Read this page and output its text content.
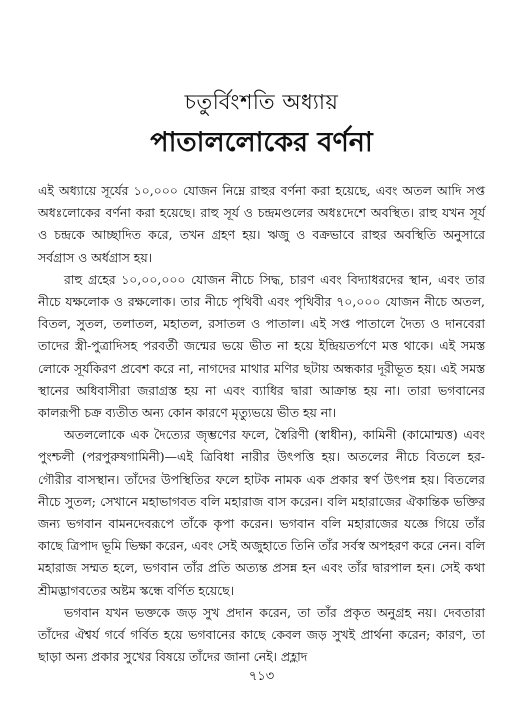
চতুর্বিংশতি অধ্যায়
পাতাললোকের বর্ণনা

এই অধ্যায়ে সূর্যের ১০,০০০ যোজন নিম্নে রাহুর বর্ণনা করা হয়েছে, এবং অতল আদি সপ্ত অধঃলোকের বর্ণনা করা হয়েছে। রাহু সূর্য ও চন্দ্রমণ্ডলের অধঃদেশে অবস্থিত। রাহু যখন সূর্য ও চন্দ্রকে আচ্ছাদিত করে, তখন গ্রহণ হয়। ঋজু ও বক্রভাবে রাহুর অবস্থিতি অনুসারে সর্বগ্রাস ও অর্ধগ্রাস হয়।

রাহু গ্রহের ১০,০০,০০০ যোজন নীচে সিদ্ধ, চারণ এবং বিদ্যাধরদের স্থান, এবং তার নীচে যক্ষলোক ও রক্ষলোক। তার নীচে পৃথিবী এবং পৃথিবীর ৭০,০০০ যোজন নীচে অতল, বিতল, সুতল, তলাতল, মহাতল, রসাতল ও পাতাল। এই সপ্ত পাতালে দৈত্য ও দানবেরা তাদের স্ত্রী-পুত্রাদিসহ পরবর্তী জন্মের ভয়ে ভীত না হয়ে ইন্দ্রিয়তর্পণে মত্ত থাকে। এই সমস্ত লোকে সূর্যকিরণ প্রবেশ করে না, নাগদের মাথার মণির ছটায় অন্ধকার দূরীভূত হয়। এই সমস্ত স্থানের অধিবাসীরা জরাগ্রস্ত হয় না এবং ব্যাধির দ্বারা আক্রান্ত হয় না। তারা ভগবানের কালরূপী চক্র ব্যতীত অন্য কোন কারণে মৃত্যুভয়ে ভীত হয় না।

অতললোকে এক দৈত্যের জৃম্ভণের ফলে, স্বৈরিণী (স্বাধীন), কামিনী (কামোন্মত্ত) এবং পুংশ্চলী (পরপুরুষগামিনী)—এই ত্রিবিধা নারীর উৎপত্তি হয়। অতলের নীচে বিতলে হর-গৌরীর বাসস্থান। তাঁদের উপস্থিতির ফলে হাটক নামক এক প্রকার স্বর্ণ উৎপন্ন হয়। বিতলের নীচে সুতল; সেখানে মহাভাগবত বলি মহারাজ বাস করেন। বলি মহারাজের ঐকান্তিক ভক্তির জন্য ভগবান বামনদেবরূপে তাঁকে কৃপা করেন। ভগবান বলি মহারাজের যজ্ঞে গিয়ে তাঁর কাছে ত্রিপাদ ভূমি ভিক্ষা করেন, এবং সেই অজুহাতে তিনি তাঁর সর্বস্ব অপহরণ করে নেন। বলি মহারাজ সম্মত হলে, ভগবান তাঁর প্রতি অত্যন্ত প্রসন্ন হন এবং তাঁর দ্বারপাল হন। সেই কথা শ্রীমদ্ভাগবতের অষ্টম স্কন্ধে বর্ণিত হয়েছে।

ভগবান যখন ভক্তকে জড় সুখ প্রদান করেন, তা তাঁর প্রকৃত অনুগ্রহ নয়। দেবতারা তাঁদের ঐশ্বর্য গর্বে গর্বিত হয়ে ভগবানের কাছে কেবল জড় সুখই প্রার্থনা করেন; কারণ, তা ছাড়া অন্য প্রকার সুখের বিষয়ে তাঁদের জানা নেই। প্রহ্লাদ

৭১৩
